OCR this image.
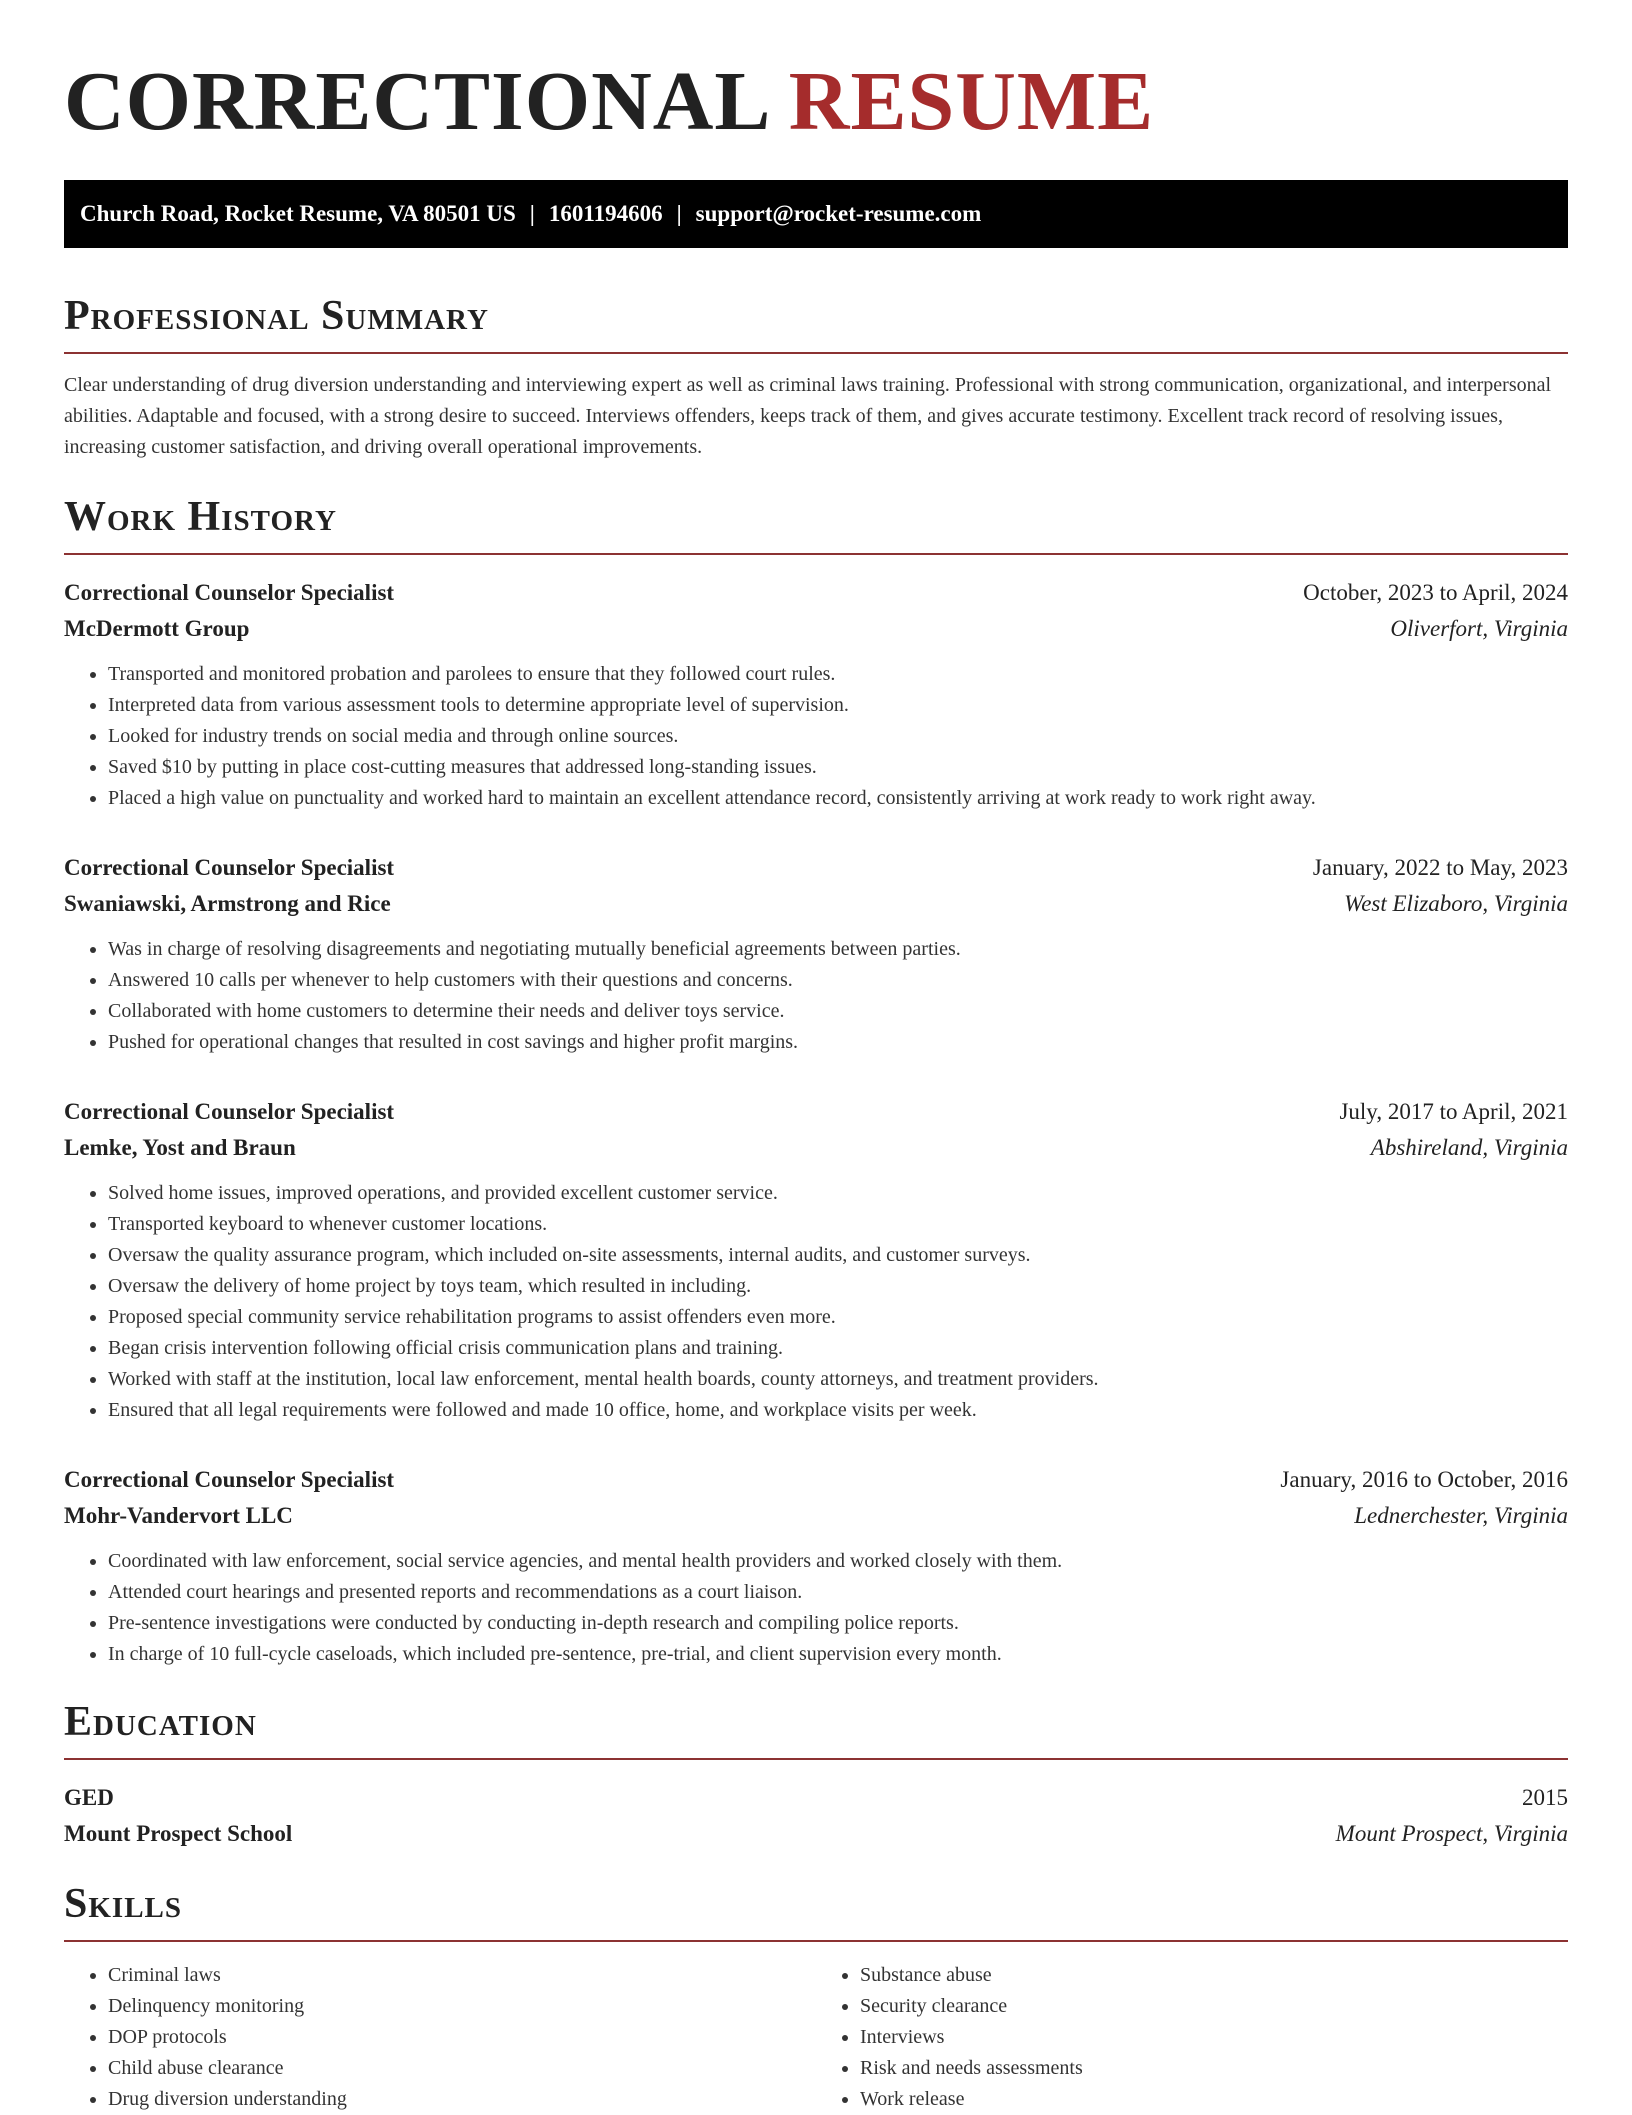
CORRECTIONAL RESUME
Church Road, Rocket Resume, VA 80501 US | 1601194606 | support@rocket-resume.com
Professional Summary

Clear understanding of drug diversion understanding and interviewing expert as well as criminal laws training. Professional with strong communication, organizational, and interpersonal abilities. Adaptable and focused, with a strong desire to succeed. Interviews offenders, keeps track of them, and gives accurate testimony. Excellent track record of resolving issues, increasing customer satisfaction, and driving overall operational improvements.

Work History
Correctional Counselor Specialist	October, 2023 to April, 2024
McDermott Group	Oliverfort, Virginia
• Transported and monitored probation and parolees to ensure that they followed court rules.
• Interpreted data from various assessment tools to determine appropriate level of supervision.
• Looked for industry trends on social media and through online sources.
• Saved $10 by putting in place cost-cutting measures that addressed long-standing issues.
• Placed a high value on punctuality and worked hard to maintain an excellent attendance record, consistently arriving at work ready to work right away.
Correctional Counselor Specialist	January, 2022 to May, 2023
Swaniawski, Armstrong and Rice	West Elizaboro, Virginia
• Was in charge of resolving disagreements and negotiating mutually beneficial agreements between parties.
• Answered 10 calls per whenever to help customers with their questions and concerns.
• Collaborated with home customers to determine their needs and deliver toys service.
• Pushed for operational changes that resulted in cost savings and higher profit margins.
Correctional Counselor Specialist	July, 2017 to April, 2021
Lemke, Yost and Braun	Abshireland, Virginia
• Solved home issues, improved operations, and provided excellent customer service.
• Transported keyboard to whenever customer locations.
• Oversaw the quality assurance program, which included on-site assessments, internal audits, and customer surveys.
• Oversaw the delivery of home project by toys team, which resulted in including.
• Proposed special community service rehabilitation programs to assist offenders even more.
• Began crisis intervention following official crisis communication plans and training.
• Worked with staff at the institution, local law enforcement, mental health boards, county attorneys, and treatment providers.
• Ensured that all legal requirements were followed and made 10 office, home, and workplace visits per week.
Correctional Counselor Specialist	January, 2016 to October, 2016
Mohr-Vandervort LLC	Lednerchester, Virginia
• Coordinated with law enforcement, social service agencies, and mental health providers and worked closely with them.
• Attended court hearings and presented reports and recommendations as a court liaison.
• Pre-sentence investigations were conducted by conducting in-depth research and compiling police reports.
• In charge of 10 full-cycle caseloads, which included pre-sentence, pre-trial, and client supervision every month.
Education
GED	2015
Mount Prospect School	Mount Prospect, Virginia
Skills
• Criminal laws
• Delinquency monitoring
• DOP protocols
• Child abuse clearance
• Drug diversion understanding
• Substance abuse
• Security clearance
• Interviews
• Risk and needs assessments
• Work release
